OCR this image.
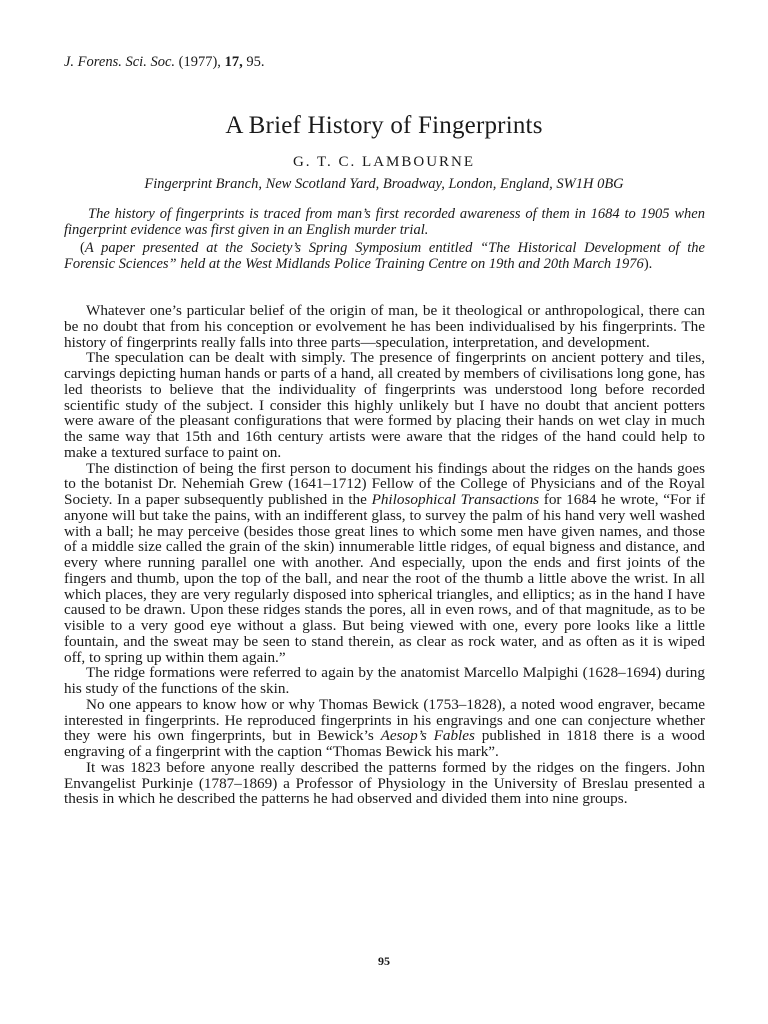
J. Forens. Sci. Soc. (1977), 17, 95.
A Brief History of Fingerprints
G. T. C. LAMBOURNE
Fingerprint Branch, New Scotland Yard, Broadway, London, England, SW1H 0BG

The history of fingerprints is traced from man’s first recorded awareness of them in 1684 to 1905 when fingerprint evidence was first given in an English murder trial.

(A paper presented at the Society’s Spring Symposium entitled “The Historical Development of the Forensic Sciences” held at the West Midlands Police Training Centre on 19th and 20th March 1976).

Whatever one’s particular belief of the origin of man, be it theological or anthropological, there can be no doubt that from his conception or evolvement he has been individualised by his fingerprints. The history of fingerprints really falls into three parts—speculation, interpretation, and development.

The speculation can be dealt with simply. The presence of fingerprints on ancient pottery and tiles, carvings depicting human hands or parts of a hand, all created by members of civilisations long gone, has led theorists to believe that the individuality of fingerprints was understood long before recorded scientific study of the subject. I consider this highly unlikely but I have no doubt that ancient potters were aware of the pleasant configurations that were formed by placing their hands on wet clay in much the same way that 15th and 16th century artists were aware that the ridges of the hand could help to make a textured surface to paint on.

The distinction of being the first person to document his findings about the ridges on the hands goes to the botanist Dr. Nehemiah Grew (1641–1712) Fellow of the College of Physicians and of the Royal Society. In a paper subsequently published in the Philosophical Transactions for 1684 he wrote, “For if anyone will but take the pains, with an indifferent glass, to survey the palm of his hand very well washed with a ball; he may perceive (besides those great lines to which some men have given names, and those of a middle size called the grain of the skin) innumerable little ridges, of equal bigness and distance, and every where running parallel one with another. And especially, upon the ends and first joints of the fingers and thumb, upon the top of the ball, and near the root of the thumb a little above the wrist. In all which places, they are very regularly disposed into spherical triangles, and elliptics; as in the hand I have caused to be drawn. Upon these ridges stands the pores, all in even rows, and of that magnitude, as to be visible to a very good eye without a glass. But being viewed with one, every pore looks like a little fountain, and the sweat may be seen to stand therein, as clear as rock water, and as often as it is wiped off, to spring up within them again.”

The ridge formations were referred to again by the anatomist Marcello Malpighi (1628–1694) during his study of the functions of the skin.

No one appears to know how or why Thomas Bewick (1753–1828), a noted wood engraver, became interested in fingerprints. He reproduced fingerprints in his engravings and one can conjecture whether they were his own fingerprints, but in Bewick’s Aesop’s Fables published in 1818 there is a wood engraving of a fingerprint with the caption “Thomas Bewick his mark”.

It was 1823 before anyone really described the patterns formed by the ridges on the fingers. John Envangelist Purkinje (1787–1869) a Professor of Physiology in the University of Breslau presented a thesis in which he described the patterns he had observed and divided them into nine groups.

95
